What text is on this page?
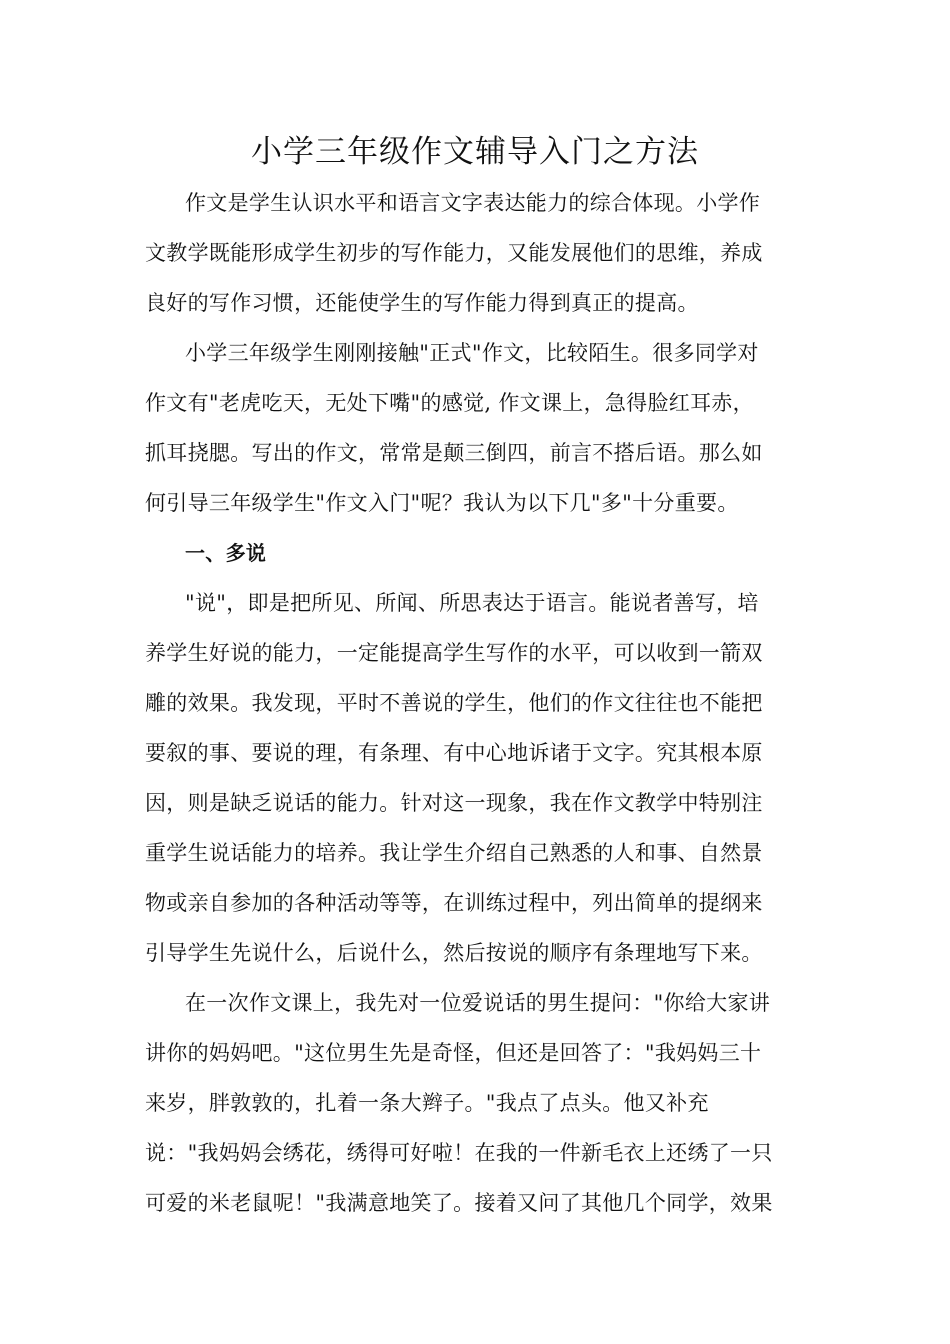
小学三年级作文辅导入门之方法
作文是学生认识水平和语言文字表达能力的综合体现。小学作
文教学既能形成学生初步的写作能力，又能发展他们的思维，养成
良好的写作习惯，还能使学生的写作能力得到真正的提高。
小学三年级学生刚刚接触"正式"作文，比较陌生。很多同学对
作文有"老虎吃天，无处下嘴"的感觉, 作文课上，急得脸红耳赤，
抓耳挠腮。写出的作文，常常是颠三倒四，前言不搭后语。那么如
何引导三年级学生"作文入门"呢？我认为以下几"多"十分重要。
一、多说
"说"，即是把所见、所闻、所思表达于语言。能说者善写，培
养学生好说的能力，一定能提高学生写作的水平，可以收到一箭双
雕的效果。我发现，平时不善说的学生，他们的作文往往也不能把
要叙的事、要说的理，有条理、有中心地诉诸于文字。究其根本原
因，则是缺乏说话的能力。针对这一现象，我在作文教学中特别注
重学生说话能力的培养。我让学生介绍自己熟悉的人和事、自然景
物或亲自参加的各种活动等等，在训练过程中，列出简单的提纲来
引导学生先说什么，后说什么，然后按说的顺序有条理地写下来。
在一次作文课上，我先对一位爱说话的男生提问："你给大家讲
讲你的妈妈吧。"这位男生先是奇怪，但还是回答了："我妈妈三十
来岁，胖敦敦的，扎着一条大辫子。"我点了点头。他又补充
说："我妈妈会绣花，绣得可好啦！在我的一件新毛衣上还绣了一只
可爱的米老鼠呢！"我满意地笑了。接着又问了其他几个同学，效果
